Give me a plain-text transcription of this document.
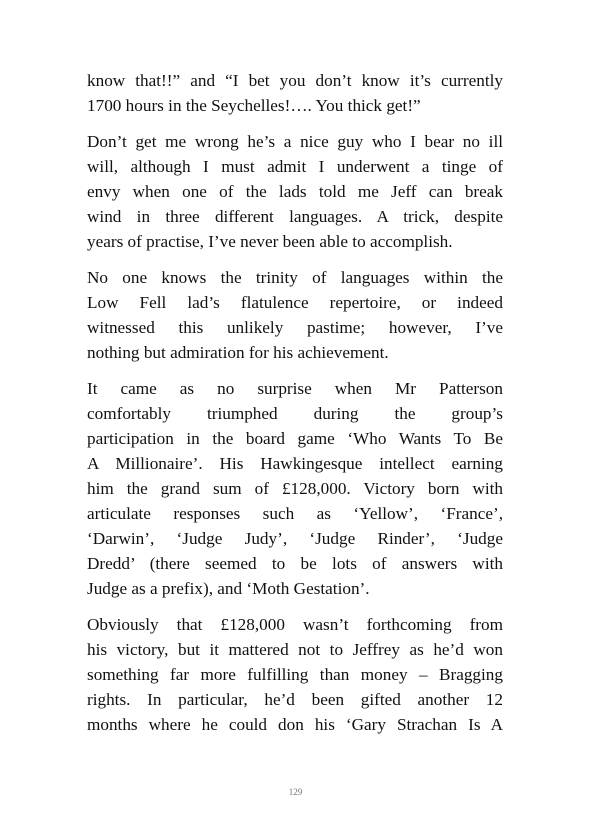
know that!!” and “I bet you don’t know it’s currently
1700 hours in the Seychelles!…. You thick get!”
Don’t get me wrong he’s a nice guy who I bear no ill
will, although I must admit I underwent a tinge of
envy when one of the lads told me Jeff can break
wind in three different languages. A trick, despite
years of practise, I’ve never been able to accomplish.
No one knows the trinity of languages within the
Low Fell lad’s flatulence repertoire, or indeed
witnessed this unlikely pastime; however, I’ve
nothing but admiration for his achievement.
It came as no surprise when Mr Patterson
comfortably triumphed during the group’s
participation in the board game ‘Who Wants To Be
A Millionaire’. His Hawkingesque intellect earning
him the grand sum of £128,000. Victory born with
articulate responses such as ‘Yellow’, ‘France’,
‘Darwin’, ‘Judge Judy’, ‘Judge Rinder’, ‘Judge
Dredd’ (there seemed to be lots of answers with
Judge as a prefix), and ‘Moth Gestation’.
Obviously that £128,000 wasn’t forthcoming from
his victory, but it mattered not to Jeffrey as he’d won
something far more fulfilling than money – Bragging
rights. In particular, he’d been gifted another 12
months where he could don his ‘Gary Strachan Is A
129
